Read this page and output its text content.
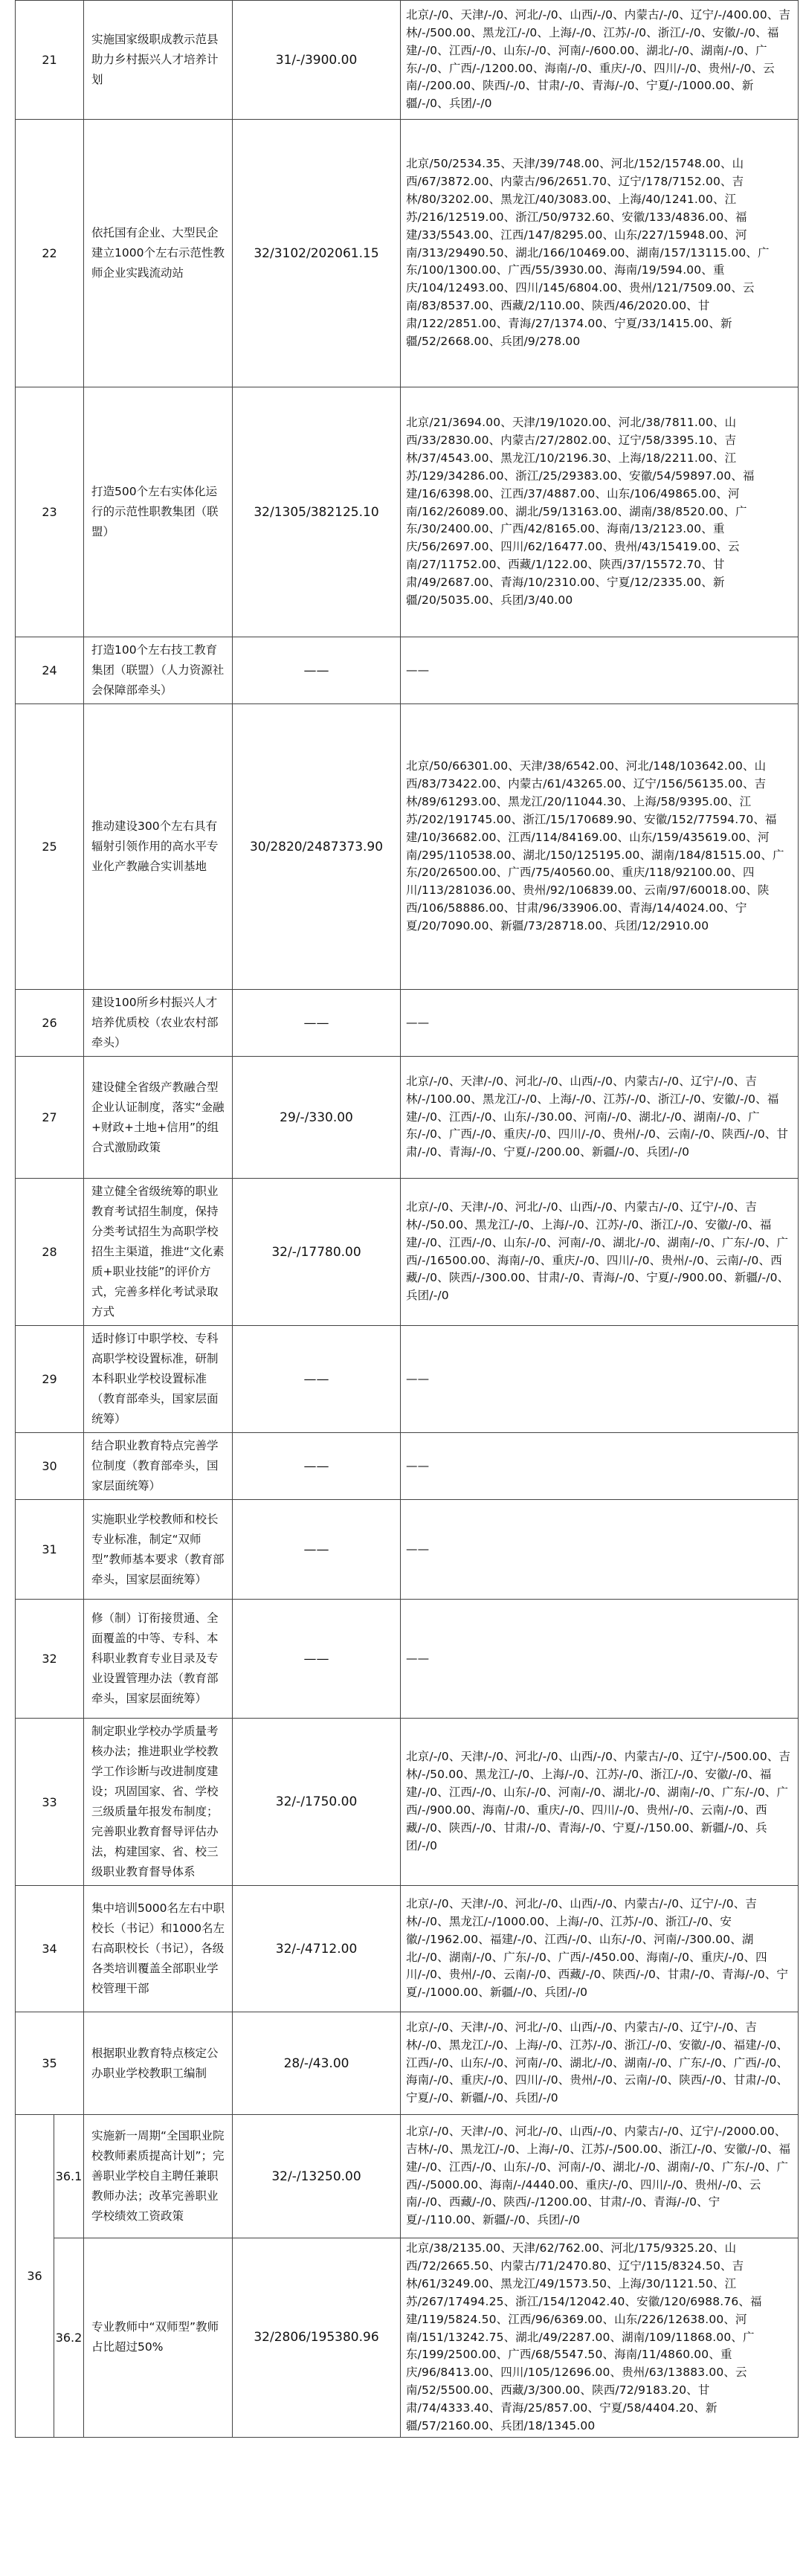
21		实施国家级职成教示范县助力乡村振兴人才培养计划	31/-/3900.00	北京/-/0、天津/-/0、河北/-/0、山西/-/0、内蒙古/-/0、辽宁/-/400.00、吉林/-/500.00、黑龙江/-/0、上海/-/0、江苏/-/0、浙江/-/0、安徽/-/0、福建/-/0、江西/-/0、山东/-/0、河南/-/600.00、湖北/-/0、湖南/-/0、广东/-/0、广西/-/1200.00、海南/-/0、重庆/-/0、四川/-/0、贵州/-/0、云南/-/200.00、陕西/-/0、甘肃/-/0、青海/-/0、宁夏/-/1000.00、新疆/-/0、兵团/-/0
22		依托国有企业、大型民企建立1000个左右示范性教师企业实践流动站	32/3102/202061.15	北京/50/2534.35、天津/39/748.00、河北/152/15748.00、山西/67/3872.00、内蒙古/96/2651.70、辽宁/178/7152.00、吉林/80/3202.00、黑龙江/40/3083.00、上海/40/1241.00、江苏/216/12519.00、浙江/50/9732.60、安徽/133/4836.00、福建/33/5543.00、江西/147/8295.00、山东/227/15948.00、河南/313/29490.50、湖北/166/10469.00、湖南/157/13115.00、广东/100/1300.00、广西/55/3930.00、海南/19/594.00、重庆/104/12493.00、四川/145/6804.00、贵州/121/7509.00、云南/83/8537.00、西藏/2/110.00、陕西/46/2020.00、甘肃/122/2851.00、青海/27/1374.00、宁夏/33/1415.00、新疆/52/2668.00、兵团/9/278.00
23		打造500个左右实体化运行的示范性职教集团（联盟）	32/1305/382125.10	北京/21/3694.00、天津/19/1020.00、河北/38/7811.00、山西/33/2830.00、内蒙古/27/2802.00、辽宁/58/3395.10、吉林/37/4543.00、黑龙江/10/2196.30、上海/18/2211.00、江苏/129/34286.00、浙江/25/29383.00、安徽/54/59897.00、福建/16/6398.00、江西/37/4887.00、山东/106/49865.00、河南/162/26089.00、湖北/59/13163.00、湖南/38/8520.00、广东/30/2400.00、广西/42/8165.00、海南/13/2123.00、重庆/56/2697.00、四川/62/16477.00、贵州/43/15419.00、云南/27/11752.00、西藏/1/122.00、陕西/37/15572.70、甘肃/49/2687.00、青海/10/2310.00、宁夏/12/2335.00、新疆/20/5035.00、兵团/3/40.00
24		打造100个左右技工教育集团（联盟）（人力资源社会保障部牵头）	——	——
25		推动建设300个左右具有辐射引领作用的高水平专业化产教融合实训基地	30/2820/2487373.90	北京/50/66301.00、天津/38/6542.00、河北/148/103642.00、山西/83/73422.00、内蒙古/61/43265.00、辽宁/156/56135.00、吉林/89/61293.00、黑龙江/20/11044.30、上海/58/9395.00、江苏/202/191745.00、浙江/15/170689.90、安徽/152/77594.70、福建/10/36682.00、江西/114/84169.00、山东/159/435619.00、河南/295/110538.00、湖北/150/125195.00、湖南/184/81515.00、广东/20/26500.00、广西/75/40560.00、重庆/118/92100.00、四川/113/281036.00、贵州/92/106839.00、云南/97/60018.00、陕西/106/58886.00、甘肃/96/33906.00、青海/14/4024.00、宁夏/20/7090.00、新疆/73/28718.00、兵团/12/2910.00
26		建设100所乡村振兴人才培养优质校（农业农村部牵头）	——	——
27		建设健全省级产教融合型企业认证制度，落实“金融+财政+土地+信用”的组合式激励政策	29/-/330.00	北京/-/0、天津/-/0、河北/-/0、山西/-/0、内蒙古/-/0、辽宁/-/0、吉林/-/100.00、黑龙江/-/0、上海/-/0、江苏/-/0、浙江/-/0、安徽/-/0、福建/-/0、江西/-/0、山东/-/30.00、河南/-/0、湖北/-/0、湖南/-/0、广东/-/0、广西/-/0、重庆/-/0、四川/-/0、贵州/-/0、云南/-/0、陕西/-/0、甘肃/-/0、青海/-/0、宁夏/-/200.00、新疆/-/0、兵团/-/0
28		建立健全省级统筹的职业教育考试招生制度，保持分类考试招生为高职学校招生主渠道，推进“文化素质+职业技能”的评价方式，完善多样化考试录取方式	32/-/17780.00	北京/-/0、天津/-/0、河北/-/0、山西/-/0、内蒙古/-/0、辽宁/-/0、吉林/-/50.00、黑龙江/-/0、上海/-/0、江苏/-/0、浙江/-/0、安徽/-/0、福建/-/0、江西/-/0、山东/-/0、河南/-/0、湖北/-/0、湖南/-/0、广东/-/0、广西/-/16500.00、海南/-/0、重庆/-/0、四川/-/0、贵州/-/0、云南/-/0、西藏/-/0、陕西/-/300.00、甘肃/-/0、青海/-/0、宁夏/-/900.00、新疆/-/0、兵团/-/0
29		适时修订中职学校、专科高职学校设置标准，研制本科职业学校设置标准（教育部牵头，国家层面统筹）	——	——
30		结合职业教育特点完善学位制度（教育部牵头，国家层面统筹）	——	——
31		实施职业学校教师和校长专业标准，制定“双师型”教师基本要求（教育部牵头，国家层面统筹）	——	——
32		修（制）订衔接贯通、全面覆盖的中等、专科、本科职业教育专业目录及专业设置管理办法（教育部牵头，国家层面统筹）	——	——
33		制定职业学校办学质量考核办法；推进职业学校教学工作诊断与改进制度建设；巩固国家、省、学校三级质量年报发布制度；完善职业教育督导评估办法，构建国家、省、校三级职业教育督导体系	32/-/1750.00	北京/-/0、天津/-/0、河北/-/0、山西/-/0、内蒙古/-/0、辽宁/-/500.00、吉林/-/50.00、黑龙江/-/0、上海/-/0、江苏/-/0、浙江/-/0、安徽/-/0、福建/-/0、江西/-/0、山东/-/0、河南/-/0、湖北/-/0、湖南/-/0、广东/-/0、广西/-/900.00、海南/-/0、重庆/-/0、四川/-/0、贵州/-/0、云南/-/0、西藏/-/0、陕西/-/0、甘肃/-/0、青海/-/0、宁夏/-/150.00、新疆/-/0、兵团/-/0
34		集中培训5000名左右中职校长（书记）和1000名左右高职校长（书记），各级各类培训覆盖全部职业学校管理干部	32/-/4712.00	北京/-/0、天津/-/0、河北/-/0、山西/-/0、内蒙古/-/0、辽宁/-/0、吉林/-/0、黑龙江/-/1000.00、上海/-/0、江苏/-/0、浙江/-/0、安徽/-/1962.00、福建/-/0、江西/-/0、山东/-/0、河南/-/300.00、湖北/-/0、湖南/-/0、广东/-/0、广西/-/450.00、海南/-/0、重庆/-/0、四川/-/0、贵州/-/0、云南/-/0、西藏/-/0、陕西/-/0、甘肃/-/0、青海/-/0、宁夏/-/1000.00、新疆/-/0、兵团/-/0
35		根据职业教育特点核定公办职业学校教职工编制	28/-/43.00	北京/-/0、天津/-/0、河北/-/0、山西/-/0、内蒙古/-/0、辽宁/-/0、吉林/-/0、黑龙江/-/0、上海/-/0、江苏/-/0、浙江/-/0、安徽/-/0、福建/-/0、江西/-/0、山东/-/0、河南/-/0、湖北/-/0、湖南/-/0、广东/-/0、广西/-/0、海南/-/0、重庆/-/0、四川/-/0、贵州/-/0、云南/-/0、陕西/-/0、甘肃/-/0、宁夏/-/0、新疆/-/0、兵团/-/0
36	36.1	实施新一周期“全国职业院校教师素质提高计划”；完善职业学校自主聘任兼职教师办法；改革完善职业学校绩效工资政策	32/-/13250.00	北京/-/0、天津/-/0、河北/-/0、山西/-/0、内蒙古/-/0、辽宁/-/2000.00、吉林/-/0、黑龙江/-/0、上海/-/0、江苏/-/500.00、浙江/-/0、安徽/-/0、福建/-/0、江西/-/0、山东/-/0、河南/-/0、湖北/-/0、湖南/-/0、广东/-/0、广西/-/5000.00、海南/-/4440.00、重庆/-/0、四川/-/0、贵州/-/0、云南/-/0、西藏/-/0、陕西/-/1200.00、甘肃/-/0、青海/-/0、宁夏/-/110.00、新疆/-/0、兵团/-/0
	36.2	专业教师中“双师型”教师占比超过50%	32/2806/195380.96	北京/38/2135.00、天津/62/762.00、河北/175/9325.20、山西/72/2665.50、内蒙古/71/2470.80、辽宁/115/8324.50、吉林/61/3249.00、黑龙江/49/1573.50、上海/30/1121.50、江苏/267/17494.25、浙江/154/12042.40、安徽/120/6988.76、福建/119/5824.50、江西/96/6369.00、山东/226/12638.00、河南/151/13242.75、湖北/49/2287.00、湖南/109/11868.00、广东/199/2500.00、广西/68/5547.50、海南/11/4860.00、重庆/96/8413.00、四川/105/12696.00、贵州/63/13883.00、云南/52/5500.00、西藏/3/300.00、陕西/72/9183.20、甘肃/74/4333.40、青海/25/857.00、宁夏/58/4404.20、新疆/57/2160.00、兵团/18/1345.00
